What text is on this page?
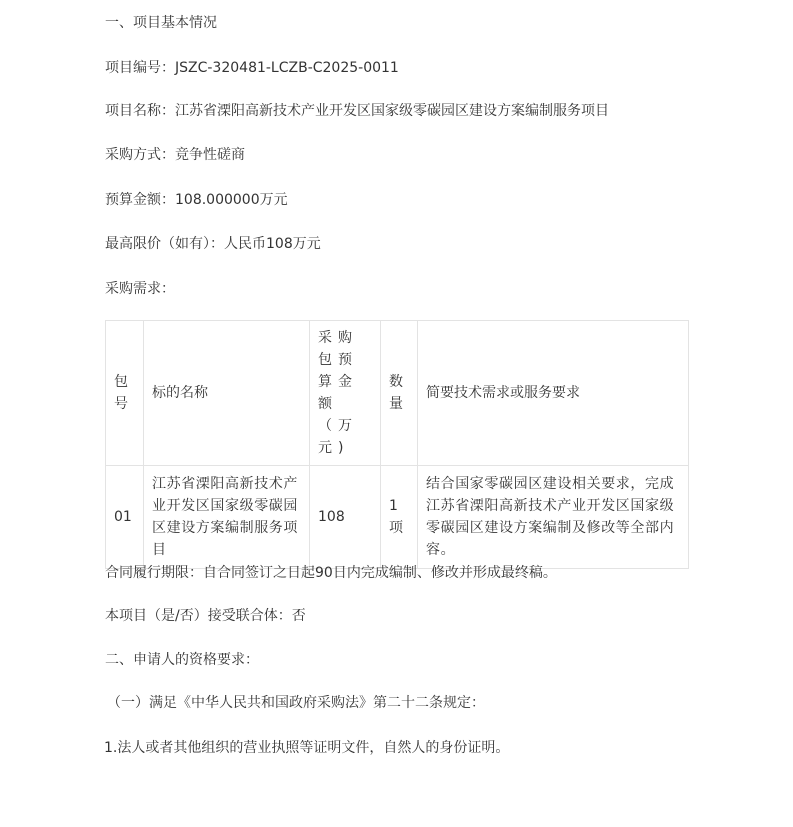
一、项目基本情况
项目编号：JSZC-320481-LCZB-C2025-0011
项目名称：江苏省溧阳高新技术产业开发区国家级零碳园区建设方案编制服务项目
采购方式：竞争性磋商
预算金额：108.000000万元
最高限价（如有）：人民币108万元
采购需求：
包号	标的名称	采购包预算金额（万元)	数量	简要技术需求或服务要求
01	江苏省溧阳高新技术产业开发区国家级零碳园区建设方案编制服务项目	108	1项	结合国家零碳园区建设相关要求，完成江苏省溧阳高新技术产业开发区国家级零碳园区建设方案编制及修改等全部内容。
合同履行期限：自合同签订之日起90日内完成编制、修改并形成最终稿。
本项目（是/否）接受联合体：否
二、申请人的资格要求：
（一）满足《中华人民共和国政府采购法》第二十二条规定：
1.法人或者其他组织的营业执照等证明文件，自然人的身份证明。
